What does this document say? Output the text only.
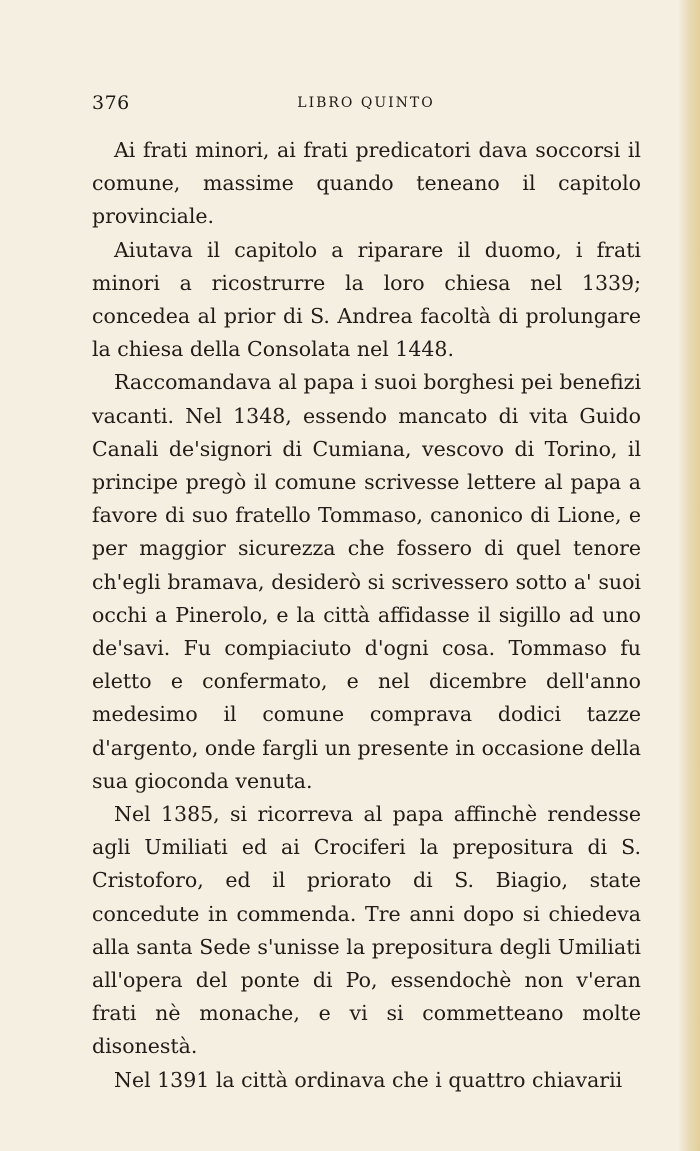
376	LIBRO QUINTO

Ai frati minori, ai frati predicatori dava soccorsi il comune, massime quando teneano il capitolo provinciale.

Aiutava il capitolo a riparare il duomo, i frati minori a ricostrurre la loro chiesa nel 1339; concedea al prior di S. Andrea facoltà di prolungare la chiesa della Consolata nel 1448.

Raccomandava al papa i suoi borghesi pei benefizi vacanti. Nel 1348, essendo mancato di vita Guido Canali de'signori di Cumiana, vescovo di Torino, il principe pregò il comune scrivesse lettere al papa a favore di suo fratello Tommaso, canonico di Lione, e per maggior sicurezza che fossero di quel tenore ch'egli bramava, desiderò si scrivessero sotto a' suoi occhi a Pinerolo, e la città affidasse il sigillo ad uno de'savi. Fu compiaciuto d'ogni cosa. Tommaso fu eletto e confermato, e nel dicembre dell'anno medesimo il comune comprava dodici tazze d'argento, onde fargli un presente in occasione della sua gioconda venuta.

Nel 1385, si ricorreva al papa affinchè rendesse agli Umiliati ed ai Crociferi la prepositura di S. Cristoforo, ed il priorato di S. Biagio, state concedute in commenda. Tre anni dopo si chiedeva alla santa Sede s'unisse la prepositura degli Umiliati all'opera del ponte di Po, essendochè non v'eran frati nè monache, e vi si commetteano molte disonestà.

Nel 1391 la città ordinava che i quattro chiavarii
